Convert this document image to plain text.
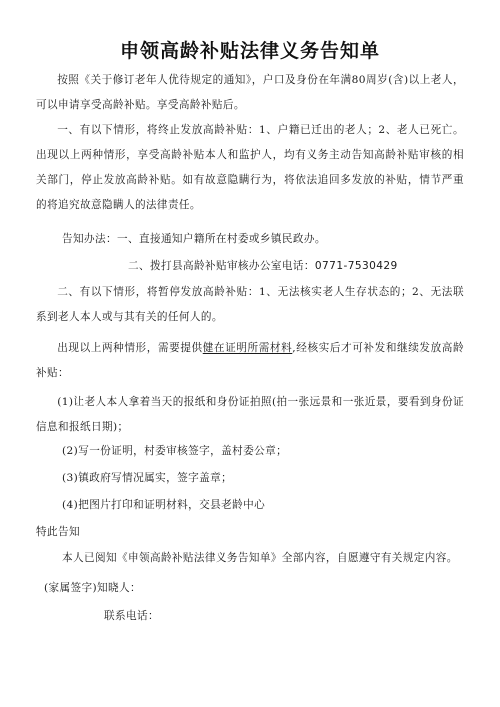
申领高龄补贴法律义务告知单
按照《关于修订老年人优待规定的通知》，户口及身份在年满80周岁(含)以上老人，可以申请享受高龄补贴。享受高龄补贴后。
一、有以下情形，将终止发放高龄补贴：1、户籍已迁出的老人；2、老人已死亡。出现以上两种情形，享受高龄补贴本人和监护人，均有义务主动告知高龄补贴审核的相关部门，停止发放高龄补贴。如有故意隐瞒行为，将依法追回多发放的补贴，情节严重的将追究故意隐瞒人的法律责任。
告知办法：一、直接通知户籍所在村委或乡镇民政办。
二、拨打县高龄补贴审核办公室电话：0771-7530429
二、有以下情形，将暂停发放高龄补贴：1、无法核实老人生存状态的；2、无法联系到老人本人或与其有关的任何人的。
出现以上两种情形，需要提供健在证明所需材料,经核实后才可补发和继续发放高龄补贴：
(1)让老人本人拿着当天的报纸和身份证拍照(拍一张远景和一张近景，要看到身份证信息和报纸日期)；
(2)写一份证明，村委审核签字，盖村委公章；
(3)镇政府写情况属实，签字盖章；
(4)把图片打印和证明材料，交县老龄中心
特此告知
本人已阅知《申领高龄补贴法律义务告知单》全部内容，自愿遵守有关规定内容。
(家属签字)知晓人：
联系电话：
